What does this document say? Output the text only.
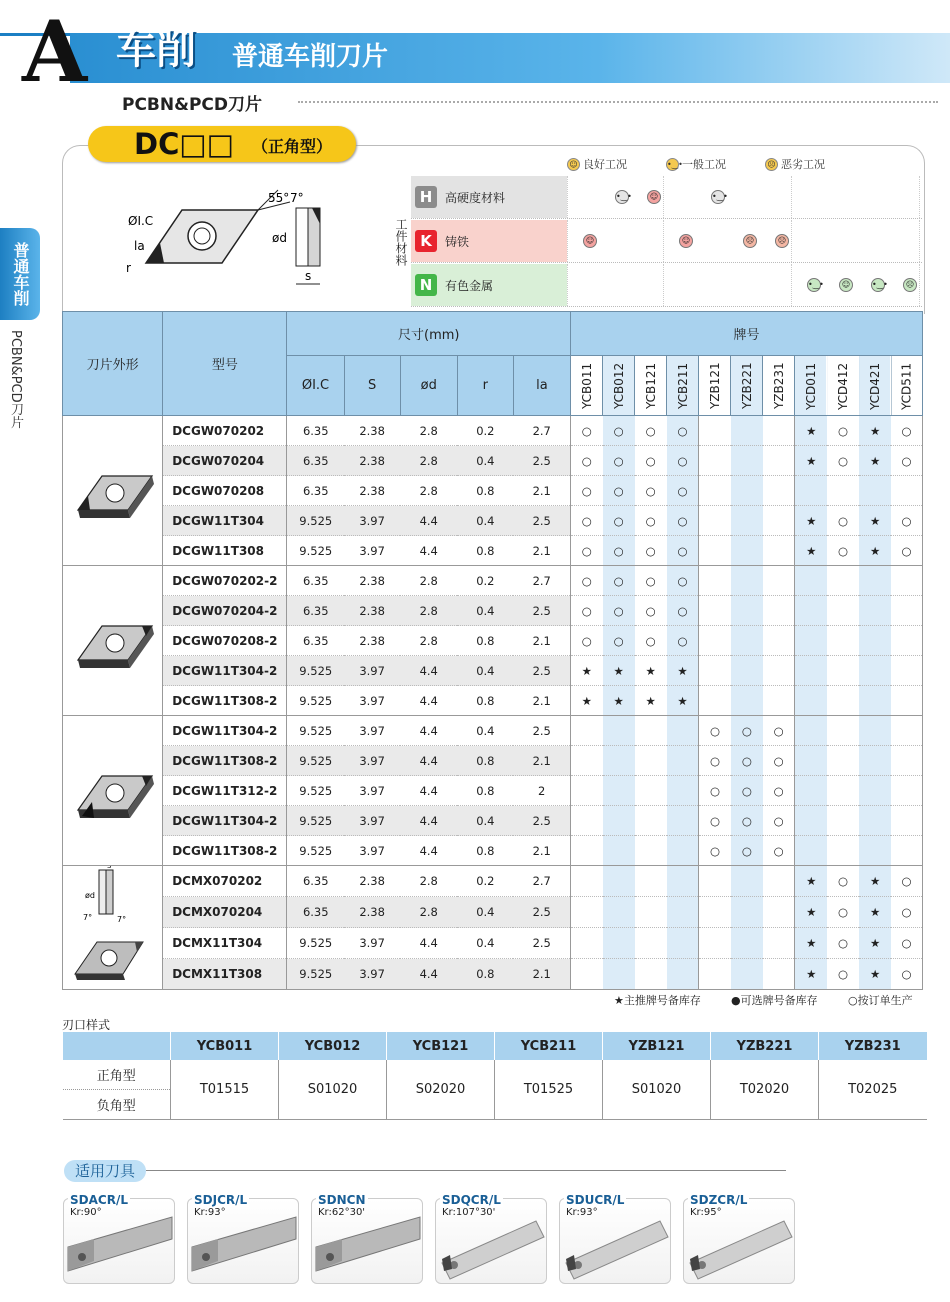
A 车削 普通车削刀片
PCBN&PCD刀片
普通车削
PCBN&PCD刀片
DC□□ （正角型）
55°
ØI.C
la
r
7°
ød
s
☺ 良好工况	•‿• 一般工况	☹ 恶劣工况
工件材料
H	高硬度材料	•‿•	☺	•‿•
K	铸铁	☺	☺	☹	☹
N	有色金属	•‿•	☺	•‿•	☹
刀片外形	型号	尺寸(mm)					牌号										
		ØI.C	S	ød	r	la	YCB011	YCB012	YCB121	YCB211	YZB121	YZB221	YZB231	YCD011	YCD412	YCD421	YCD511
	DCGW070202	6.35	2.38	2.8	0.2	2.7	○	○	○	○				★	○	★	○
	DCGW070204	6.35	2.38	2.8	0.4	2.5	○	○	○	○				★	○	★	○
	DCGW070208	6.35	2.38	2.8	0.8	2.1	○	○	○	○							
	DCGW11T304	9.525	3.97	4.4	0.4	2.5	○	○	○	○				★	○	★	○
	DCGW11T308	9.525	3.97	4.4	0.8	2.1	○	○	○	○				★	○	★	○
	DCGW070202-2	6.35	2.38	2.8	0.2	2.7	○	○	○	○							
	DCGW070204-2	6.35	2.38	2.8	0.4	2.5	○	○	○	○							
	DCGW070208-2	6.35	2.38	2.8	0.8	2.1	○	○	○	○							
	DCGW11T304-2	9.525	3.97	4.4	0.4	2.5	★	★	★	★							
	DCGW11T308-2	9.525	3.97	4.4	0.8	2.1	★	★	★	★							
	DCGW11T304-2	9.525	3.97	4.4	0.4	2.5					○	○	○				
	DCGW11T308-2	9.525	3.97	4.4	0.8	2.1					○	○	○				
	DCGW11T312-2	9.525	3.97	4.4	0.8	2					○	○	○				
	DCGW11T304-2	9.525	3.97	4.4	0.4	2.5					○	○	○				
	DCGW11T308-2	9.525	3.97	4.4	0.8	2.1					○	○	○				

ød
S
7° 7°	DCMX070202	6.35	2.38	2.8	0.2	2.7								★	○	★	○
	DCMX070204	6.35	2.38	2.8	0.4	2.5								★	○	★	○
	DCMX11T304	9.525	3.97	4.4	0.4	2.5								★	○	★	○
	DCMX11T308	9.525	3.97	4.4	0.8	2.1								★	○	★	○
★主推牌号备库存	●可选牌号备库存	○按订单生产
刃口样式
	YCB011	YCB012	YCB121	YCB211	YZB121	YZB221	YZB231
正角型	T01515	S01020	S02020	T01525	S01020	T02020	T02025
负角型							
适用刀具
SDACR/L
Kr:90°
SDJCR/L
Kr:93°
SDNCN
Kr:62°30'
SDQCR/L
Kr:107°30'
SDUCR/L
Kr:93°
SDZCR/L
Kr:95°
